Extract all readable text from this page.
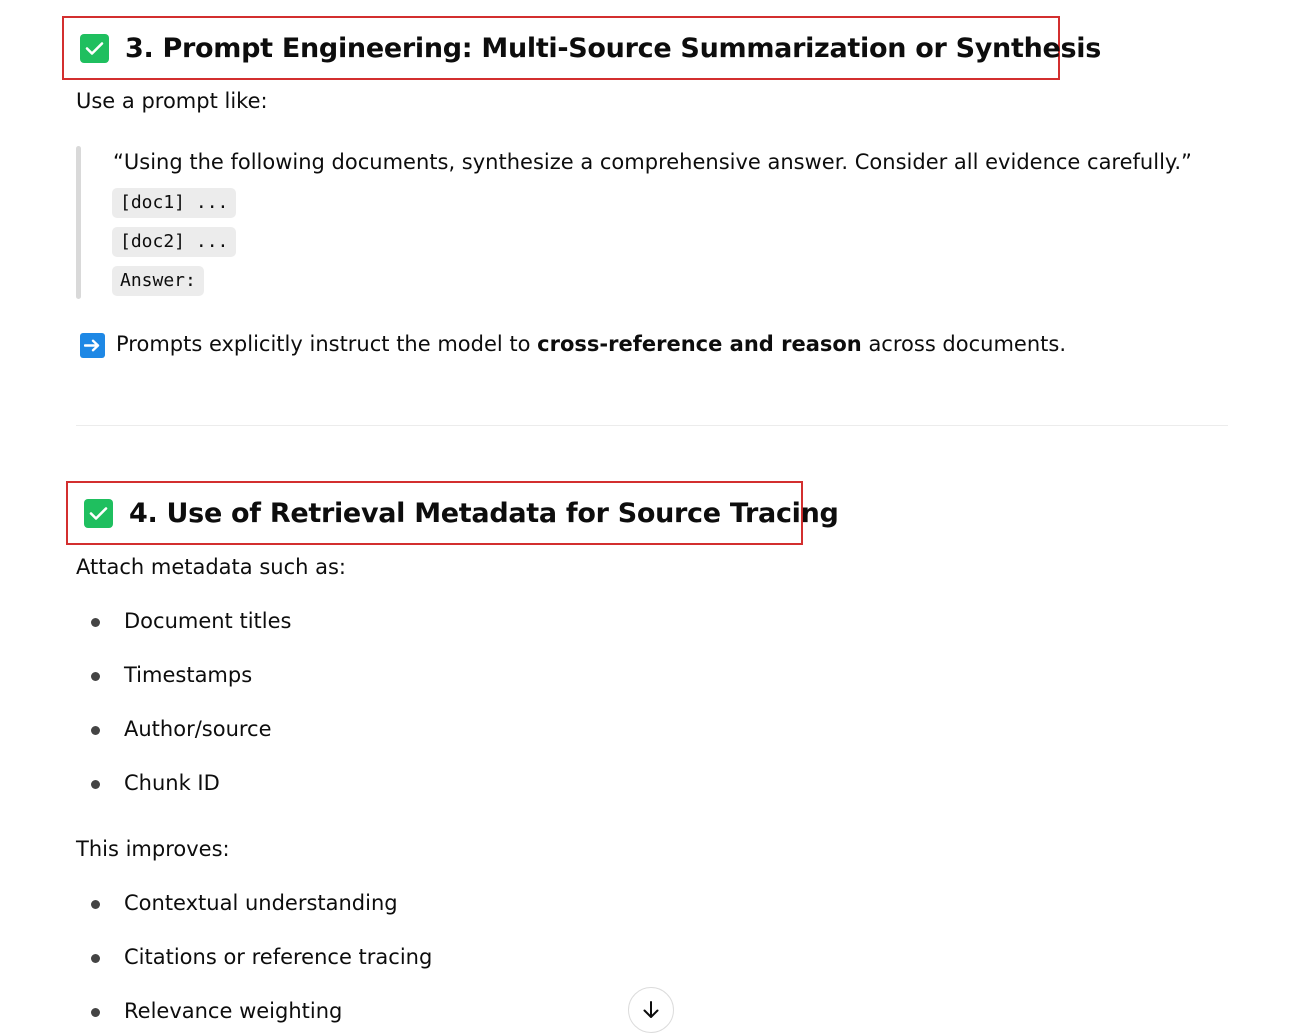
3. Prompt Engineering: Multi-Source Summarization or Synthesis
Use a prompt like:
“Using the following documents, synthesize a comprehensive answer. Consider all evidence carefully.”
[doc1] ...
[doc2] ...
Answer:
Prompts explicitly instruct the model to cross-reference and reason across documents.
4. Use of Retrieval Metadata for Source Tracing
Attach metadata such as:
Document titles
Timestamps
Author/source
Chunk ID
This improves:
Contextual understanding
Citations or reference tracing
Relevance weighting
